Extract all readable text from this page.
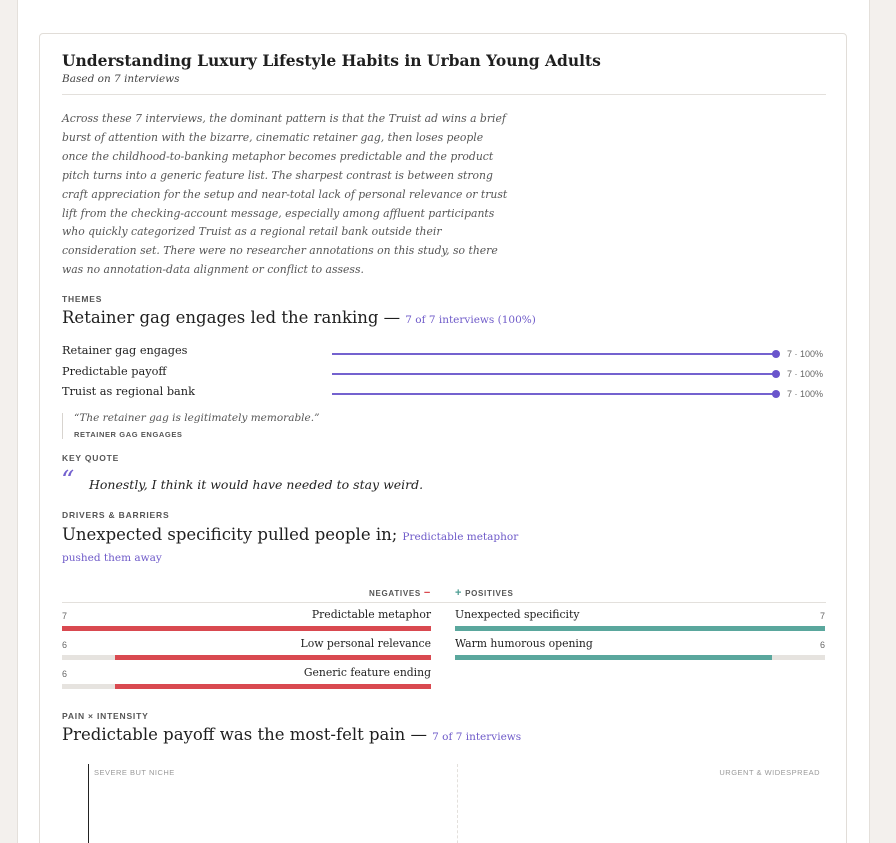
Understanding Luxury Lifestyle Habits in Urban Young Adults
Based on 7 interviews
Across these 7 interviews, the dominant pattern is that the Truist ad wins a brief burst of attention with the bizarre, cinematic retainer gag, then loses people once the childhood-to-banking metaphor becomes predictable and the product pitch turns into a generic feature list. The sharpest contrast is between strong craft appreciation for the setup and near-total lack of personal relevance or trust lift from the checking-account message, especially among affluent participants who quickly categorized Truist as a regional retail bank outside their consideration set. There were no researcher annotations on this study, so there was no annotation-data alignment or conflict to assess.
THEMES
Retainer gag engages led the ranking — 7 of 7 interviews (100%)
Retainer gag engages	7 · 100%
Predictable payoff	7 · 100%
Truist as regional bank	7 · 100%
“The retainer gag is legitimately memorable.”
RETAINER GAG ENGAGES
KEY QUOTE
“ Honestly, I think it would have needed to stay weird.
DRIVERS & BARRIERS
Unexpected specificity pulled people in; Predictable metaphor
pushed them away
NEGATIVES − + POSITIVES
7	Predictable metaphor
6	Low personal relevance
6	Generic feature ending
Unexpected specificity	7
Warm humorous opening	6
PAIN × INTENSITY
Predictable payoff was the most-felt pain — 7 of 7 interviews
SEVERE BUT NICHE	URGENT & WIDESPREAD
